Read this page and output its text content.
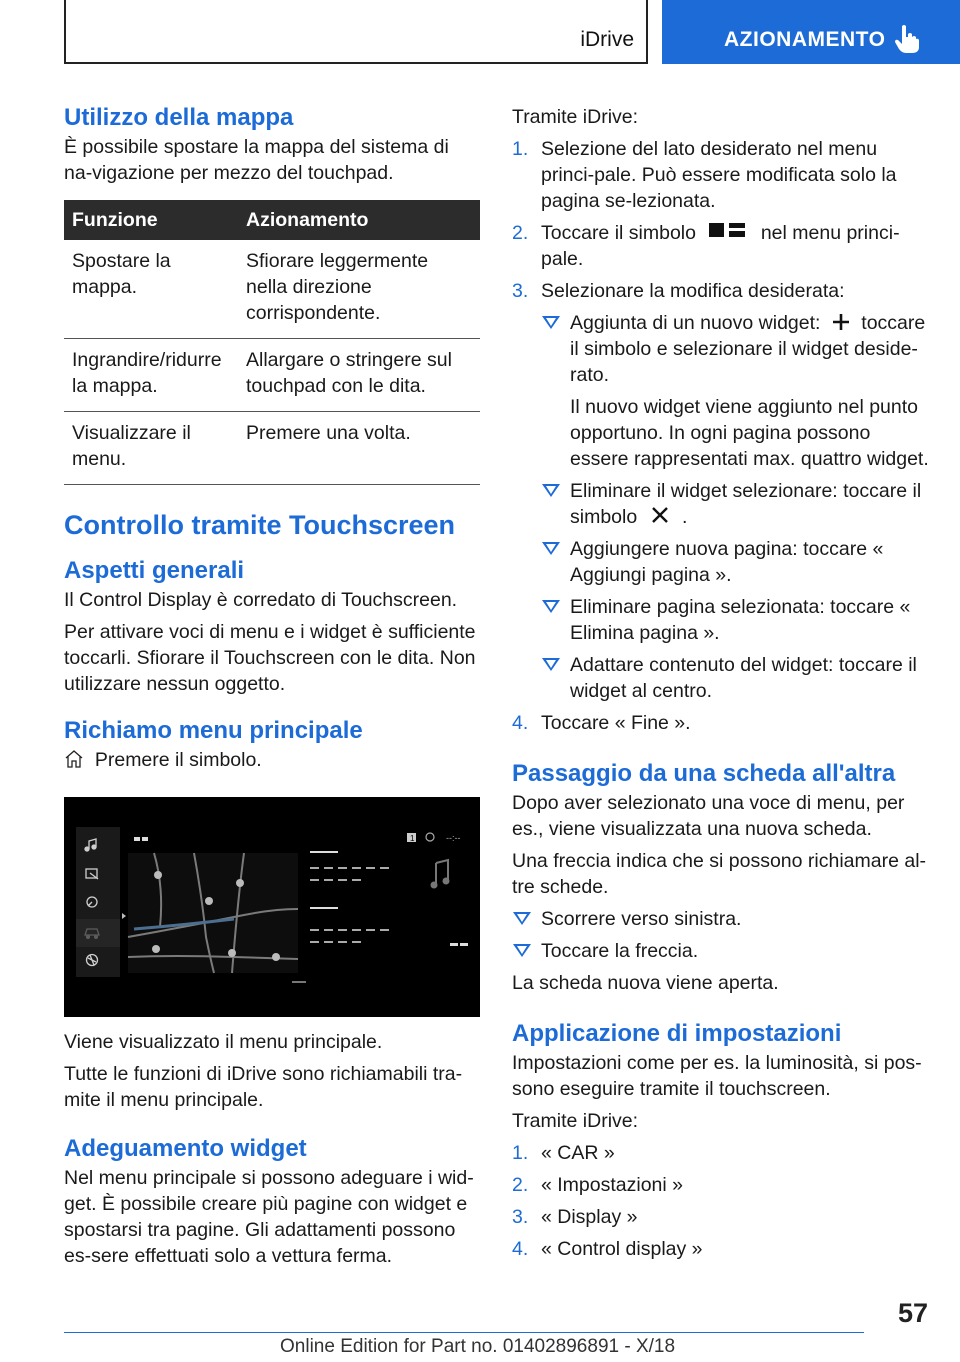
iDrive	AZIONAMENTO
Utilizzo della mappa

È possibile spostare la mappa del sistema di na-vigazione per mezzo del touchpad.

Funzione	Azionamento
Spostare la mappa.	Sfiorare leggermente nella direzione corrispondente.
Ingrandire/ridurre la mappa.	Allargare o stringere sul touchpad con le dita.
Visualizzare il menu.	Premere una volta.
Controllo tramite Touchscreen
Aspetti generali

Il Control Display è corredato di Touchscreen.

Per attivare voci di menu e i widget è sufficiente toccarli. Sfiorare il Touchscreen con le dita. Non utilizzare nessun oggetto.

Richiamo menu principale

Premere il simbolo.

1	--:--

Viene visualizzato il menu principale.

Tutte le funzioni di iDrive sono richiamabili tra-mite il menu principale.

Adeguamento widget

Nel menu principale si possono adeguare i wid-get. È possibile creare più pagine con widget e spostarsi tra pagine. Gli adattamenti possono es-sere effettuati solo a vettura ferma.

Tramite iDrive:

1. Selezione del lato desiderato nel menu princi-pale. Può essere modificata solo la pagina se-lezionata.
2. Toccare il simbolo	nel menu princi-pale.
3. Selezionare la modifica desiderata:
Aggiunta di un nuovo widget: toccare il simbolo e selezionare il widget deside-rato.
Il nuovo widget viene aggiunto nel punto opportuno. In ogni pagina possono essere rappresentati max. quattro widget.
Eliminare il widget selezionare: toccare il simbolo .
Aggiungere nuova pagina: toccare « Aggiungi pagina ».
Eliminare pagina selezionata: toccare « Elimina pagina ».
Adattare contenuto del widget: toccare il widget al centro.
4. Toccare « Fine ».
Passaggio da una scheda all'altra

Dopo aver selezionato una voce di menu, per es., viene visualizzata una nuova scheda.

Una freccia indica che si possono richiamare al-tre schede.

Scorrere verso sinistra.
Toccare la freccia.

La scheda nuova viene aperta.

Applicazione di impostazioni

Impostazioni come per es. la luminosità, si pos-sono eseguire tramite il touchscreen.

Tramite iDrive:

1. « CAR »
2. « Impostazioni »
3. « Display »
4. « Control display »
57
Online Edition for Part no. 01402896891 - X/18
